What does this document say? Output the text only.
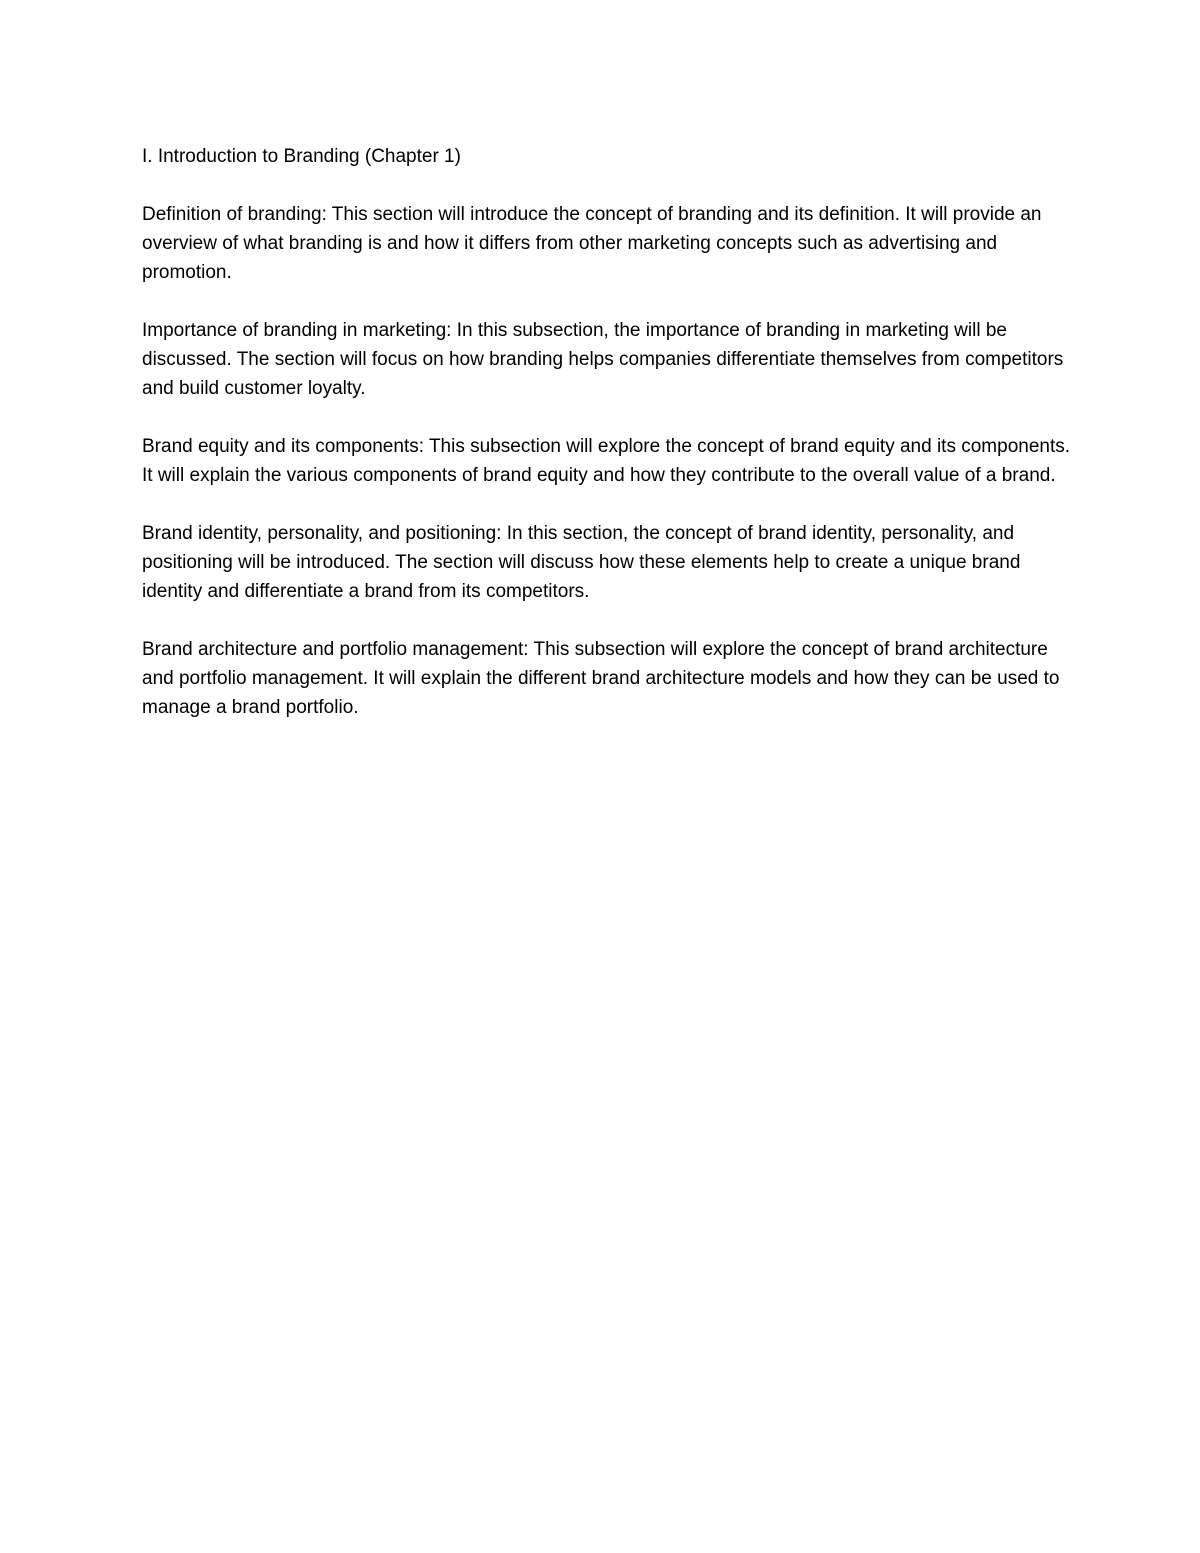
I. Introduction to Branding (Chapter 1)

Definition of branding: This section will introduce the concept of branding and its definition. It will provide an overview of what branding is and how it differs from other marketing concepts such as advertising and promotion.

Importance of branding in marketing: In this subsection, the importance of branding in marketing will be discussed. The section will focus on how branding helps companies differentiate themselves from competitors and build customer loyalty.

Brand equity and its components: This subsection will explore the concept of brand equity and its components. It will explain the various components of brand equity and how they contribute to the overall value of a brand.

Brand identity, personality, and positioning: In this section, the concept of brand identity, personality, and positioning will be introduced. The section will discuss how these elements help to create a unique brand identity and differentiate a brand from its competitors.

Brand architecture and portfolio management: This subsection will explore the concept of brand architecture and portfolio management. It will explain the different brand architecture models and how they can be used to manage a brand portfolio.
